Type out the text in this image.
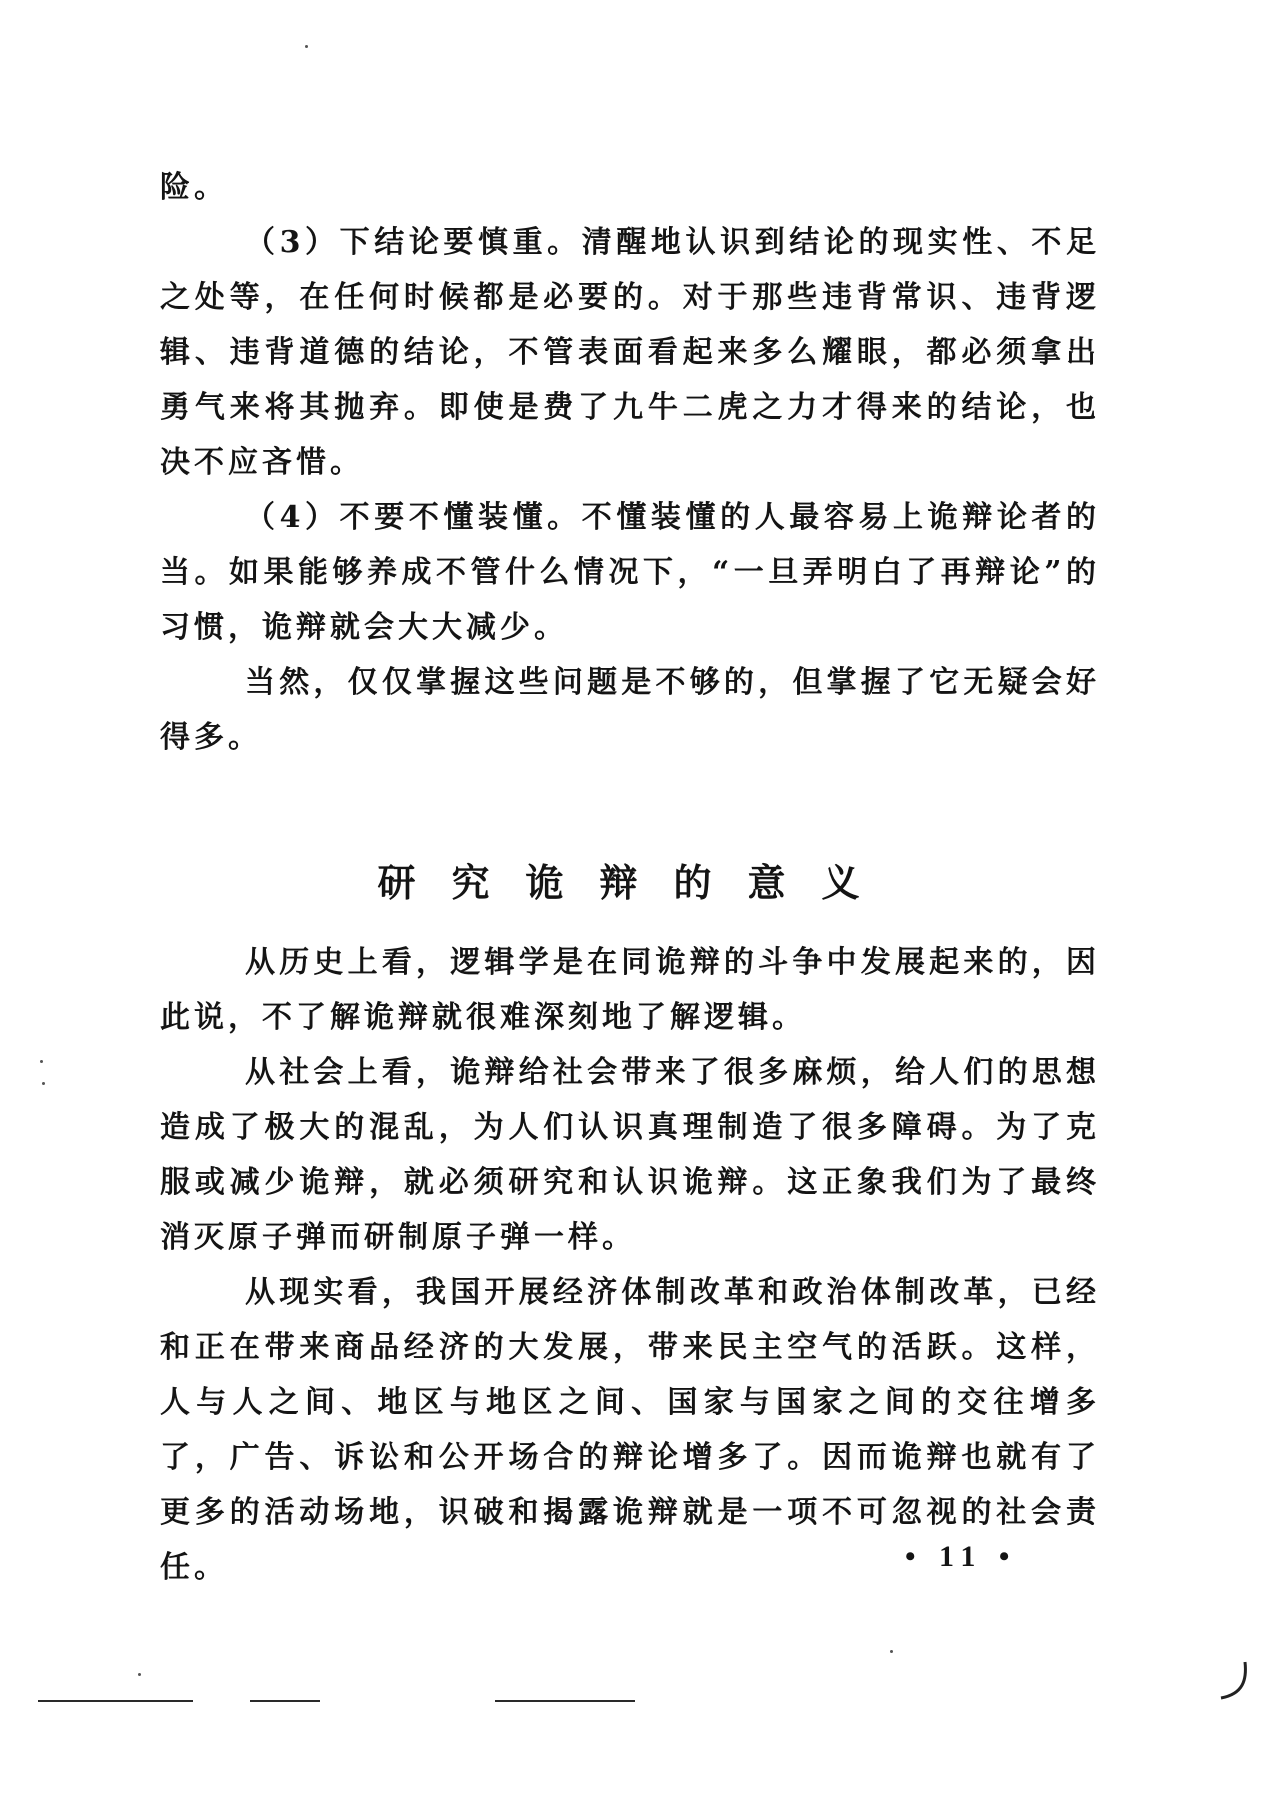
险。

（3）下结论要慎重。清醒地认识到结论的现实性、不足之处等，在任何时候都是必要的。对于那些违背常识、违背逻辑、违背道德的结论，不管表面看起来多么耀眼，都必须拿出勇气来将其抛弃。即使是费了九牛二虎之力才得来的结论，也决不应吝惜。

（4）不要不懂装懂。不懂装懂的人最容易上诡辩论者的当。如果能够养成不管什么情况下，“一旦弄明白了再辩论”的习惯，诡辩就会大大减少。

当然，仅仅掌握这些问题是不够的，但掌握了它无疑会好得多。

研究诡辩的意义

从历史上看，逻辑学是在同诡辩的斗争中发展起来的，因此说，不了解诡辩就很难深刻地了解逻辑。

从社会上看，诡辩给社会带来了很多麻烦，给人们的思想造成了极大的混乱，为人们认识真理制造了很多障碍。为了克服或减少诡辩，就必须研究和认识诡辩。这正象我们为了最终消灭原子弹而研制原子弹一样。

从现实看，我国开展经济体制改革和政治体制改革，已经和正在带来商品经济的大发展，带来民主空气的活跃。这样，人与人之间、地区与地区之间、国家与国家之间的交往增多了，广告、诉讼和公开场合的辩论增多了。因而诡辩也就有了更多的活动场地，识破和揭露诡辩就是一项不可忽视的社会责任。	• 11 •
